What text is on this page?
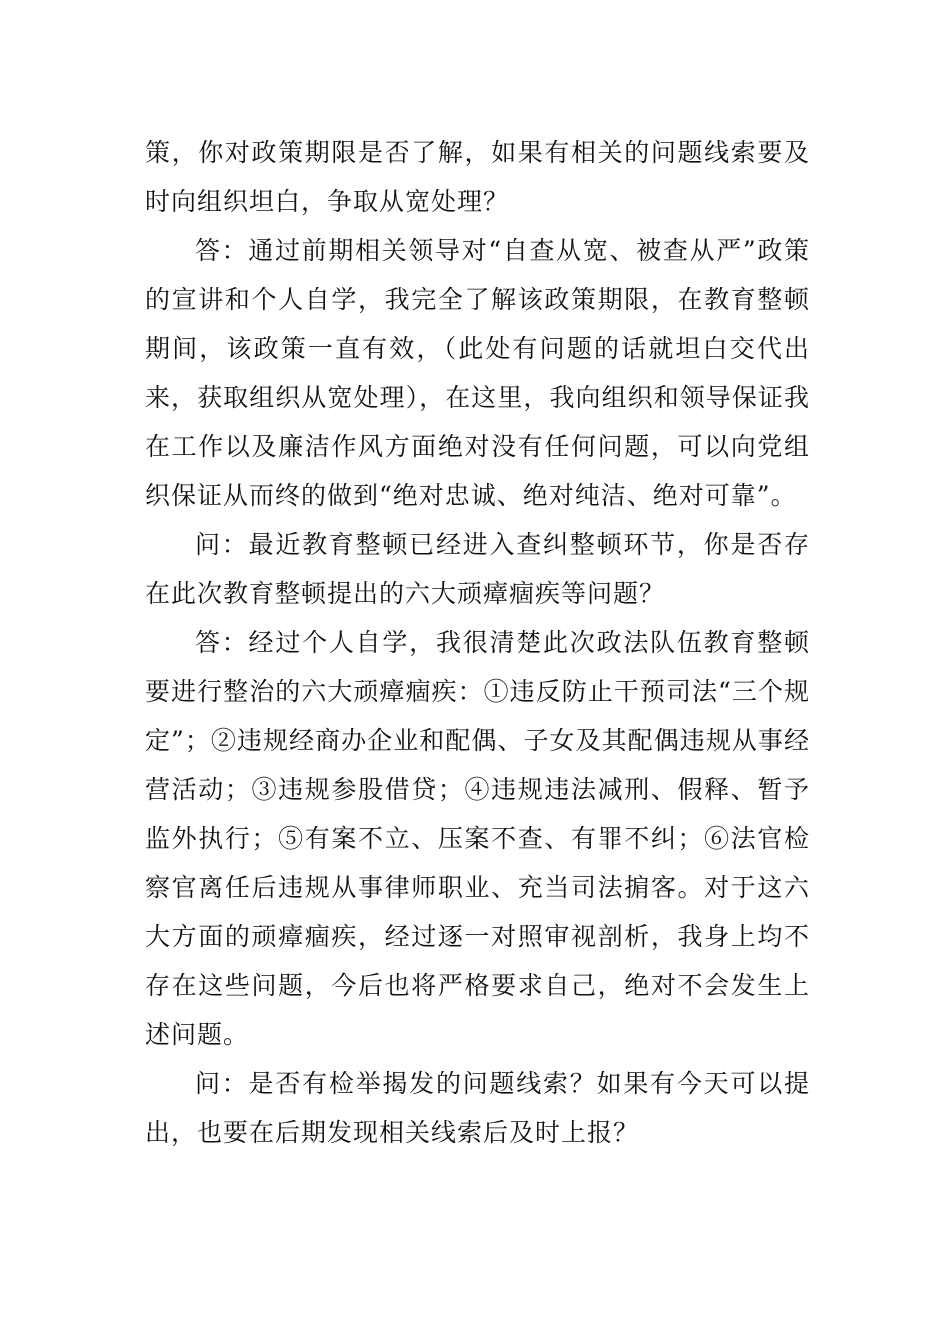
策，你对政策期限是否了解，如果有相关的问题线索要及时向组织坦白，争取从宽处理？

答：通过前期相关领导对“自查从宽、被查从严”政策的宣讲和个人自学，我完全了解该政策期限，在教育整顿期间，该政策一直有效，（此处有问题的话就坦白交代出来，获取组织从宽处理），在这里，我向组织和领导保证我在工作以及廉洁作风方面绝对没有任何问题，可以向党组织保证从而终的做到“绝对忠诚、绝对纯洁、绝对可靠”。

问：最近教育整顿已经进入查纠整顿环节，你是否存在此次教育整顿提出的六大顽瘴痼疾等问题？

答：经过个人自学，我很清楚此次政法队伍教育整顿要进行整治的六大顽瘴痼疾：①违反防止干预司法“三个规定”；②违规经商办企业和配偶、子女及其配偶违规从事经营活动；③违规参股借贷；④违规违法减刑、假释、暂予监外执行；⑤有案不立、压案不查、有罪不纠；⑥法官检察官离任后违规从事律师职业、充当司法掮客。对于这六大方面的顽瘴痼疾，经过逐一对照审视剖析，我身上均不存在这些问题，今后也将严格要求自己，绝对不会发生上述问题。

问：是否有检举揭发的问题线索？如果有今天可以提出，也要在后期发现相关线索后及时上报？
